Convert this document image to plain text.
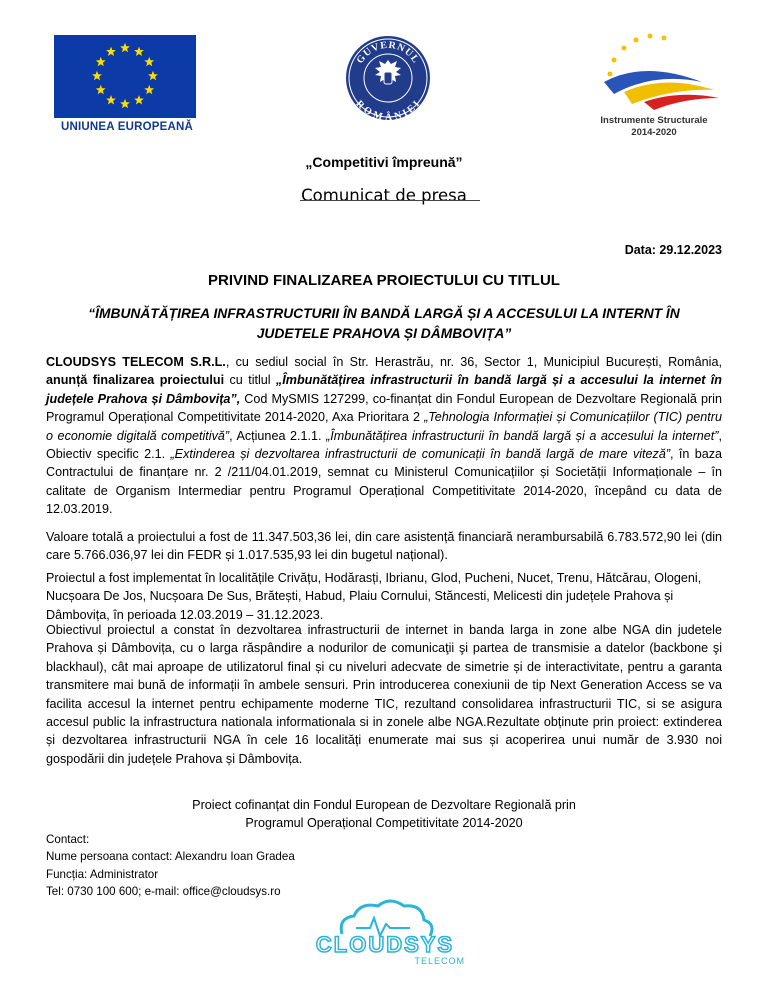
UNIUNEA EUROPEANĂ
GUVERNUL
ROMÂNIEI
Instrumente Structurale
2014-2020
„Competitivi împreună”
Comunicat de presa
Data: 29.12.2023
PRIVIND FINALIZAREA PROIECTULUI CU TITLUL
“ÎMBUNĂTĂȚIREA INFRASTRUCTURII ÎN BANDĂ LARGĂ ȘI A ACCESULUI LA INTERNT ÎN JUDETELE PRAHOVA ȘI DÂMBOVIȚA”
CLOUDSYS TELECOM S.R.L., cu sediul social în Str. Herastrău, nr. 36, Sector 1, Municipiul București, România, anunță finalizarea proiectului cu titlul „Îmbunătățirea infrastructurii în bandă largă și a accesului la internet în județele Prahova și Dâmbovița”, Cod MySMIS 127299, co-finanțat din Fondul European de Dezvoltare Regională prin Programul Operațional Competitivitate 2014-2020, Axa Prioritara 2 „Tehnologia Informației și Comunicațiilor (TIC) pentru o economie digitală competitivă”, Acțiunea 2.1.1. „Îmbunătățirea infrastructurii în bandă largă și a accesului la internet”, Obiectiv specific 2.1. „Extinderea și dezvoltarea infrastructurii de comunicații în bandă largă de mare viteză”, în baza Contractului de finanțare nr. 2 /211/04.01.2019, semnat cu Ministerul Comunicațiilor și Societății Informaționale – în calitate de Organism Intermediar pentru Programul Operațional Competitivitate 2014-2020, începând cu data de 12.03.2019.
Valoare totală a proiectului a fost de 11.347.503,36 lei, din care asistență financiară nerambursabilă 6.783.572,90 lei (din care 5.766.036,97 lei din FEDR și 1.017.535,93 lei din bugetul național).
Proiectul a fost implementat în localitățile Crivățu, Hodărasți, Ibrianu, Glod, Pucheni, Nucet, Trenu, Hătcărau, Ologeni, Nucșoara De Jos, Nucșoara De Sus, Brătești, Habud, Plaiu Cornului, Stăncesti, Melicesti din județele Prahova și Dâmbovița, în perioada 12.03.2019 – 31.12.2023.
Obiectivul proiectul a constat în dezvoltarea infrastructurii de internet in banda larga in zone albe NGA din judetele Prahova și Dâmbovița, cu o larga răspândire a nodurilor de comunicaţii şi partea de transmisie a datelor (backbone şi blackhaul), cât mai aproape de utilizatorul final și cu niveluri adecvate de simetrie și de interactivitate, pentru a garanta transmitere mai bună de informații în ambele sensuri. Prin introducerea conexiunii de tip Next Generation Access se va facilita accesul la internet pentru echipamente moderne TIC, rezultand consolidarea infrastructurii TIC, si se asigura accesul public la infrastructura nationala informationala si in zonele albe NGA.Rezultate obținute prin proiect: extinderea și dezvoltarea infrastructurii NGA în cele 16 localități enumerate mai sus și acoperirea unui număr de 3.930 noi gospodării din județele Prahova și Dâmbovița.
Proiect cofinanțat din Fondul European de Dezvoltare Regională prin
Programul Operațional Competitivitate 2014-2020
Contact:
Nume persoana contact: Alexandru Ioan Gradea
Funcția: Administrator
Tel: 0730 100 600; e-mail: office@cloudsys.ro
CLOUDSYS
TELECOM
